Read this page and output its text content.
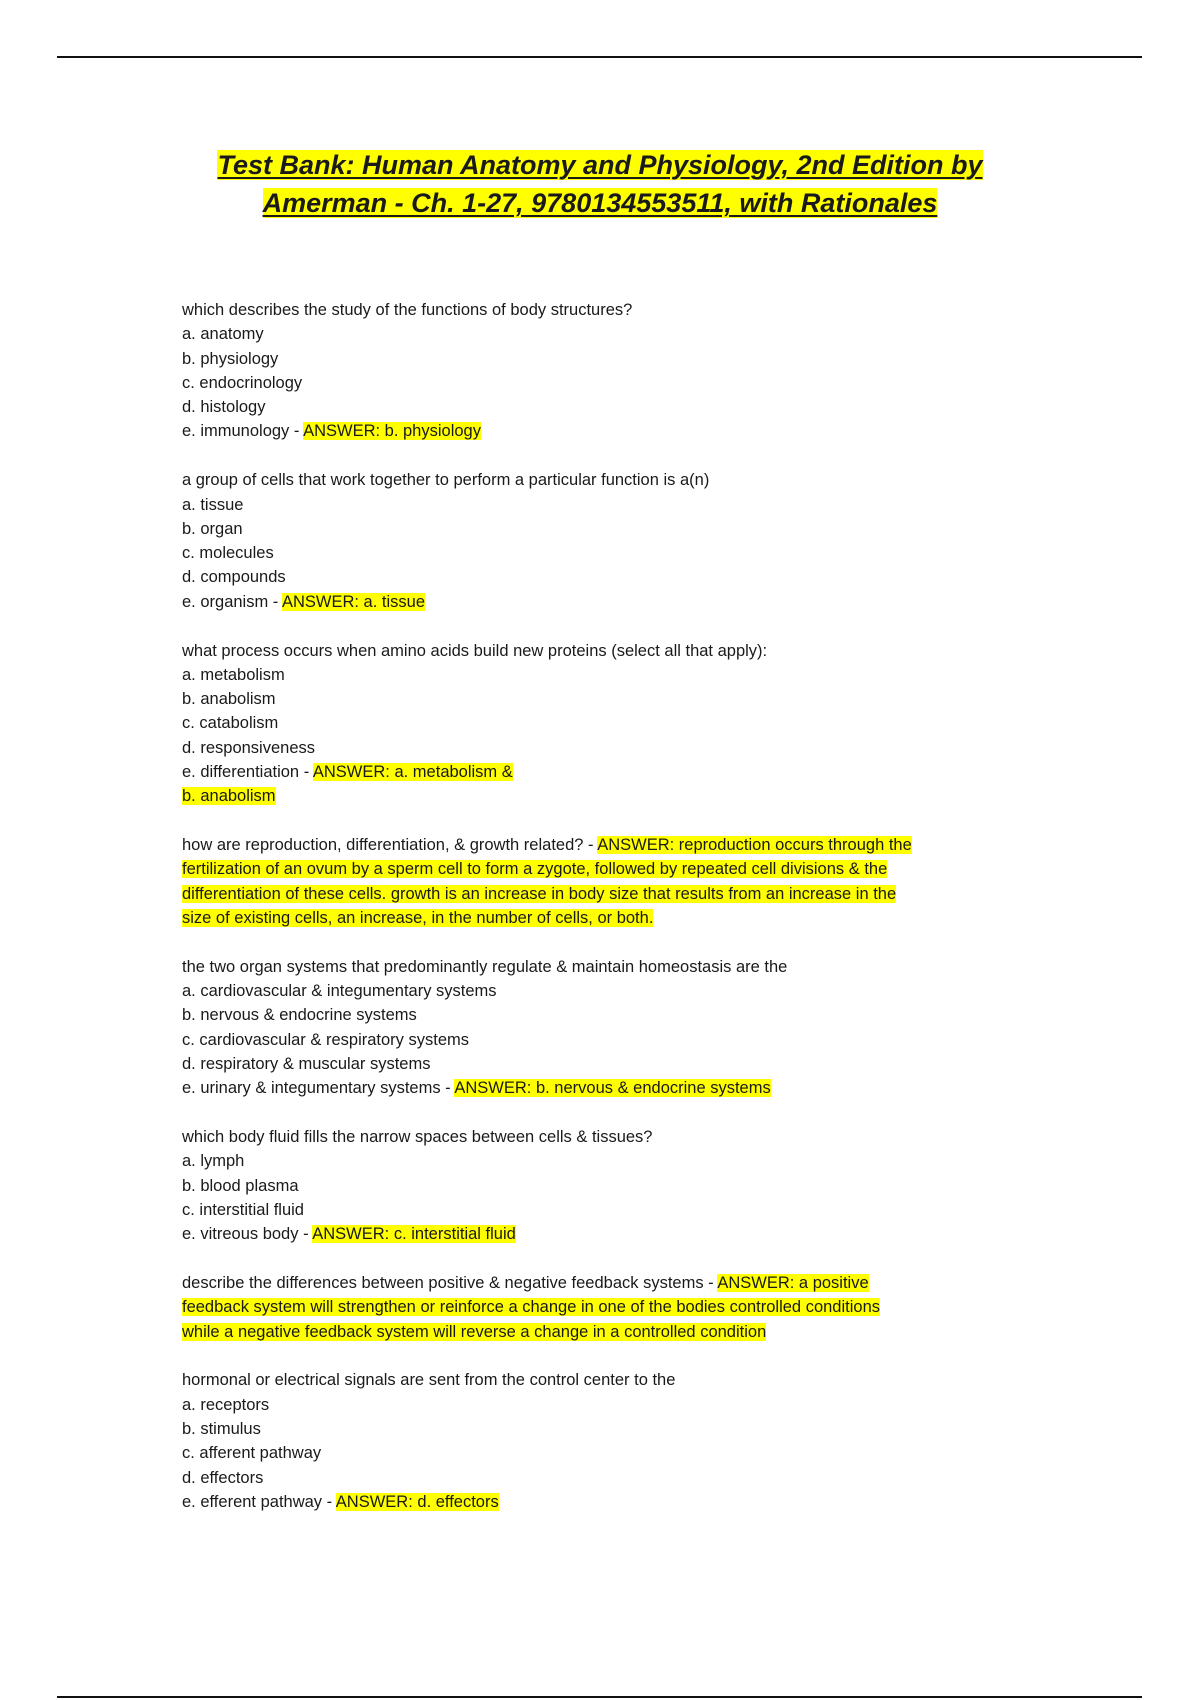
Test Bank: Human Anatomy and Physiology, 2nd Edition by
Amerman - Ch. 1-27, 9780134553511, with Rationales
which describes the study of the functions of body structures?
a. anatomy
b. physiology
c. endocrinology
d. histology
e. immunology - ANSWER: b. physiology
a group of cells that work together to perform a particular function is a(n)
a. tissue
b. organ
c. molecules
d. compounds
e. organism - ANSWER: a. tissue
what process occurs when amino acids build new proteins (select all that apply):
a. metabolism
b. anabolism
c. catabolism
d. responsiveness
e. differentiation - ANSWER: a. metabolism &
b. anabolism
how are reproduction, differentiation, & growth related? - ANSWER: reproduction occurs through the
fertilization of an ovum by a sperm cell to form a zygote, followed by repeated cell divisions & the
differentiation of these cells. growth is an increase in body size that results from an increase in the
size of existing cells, an increase, in the number of cells, or both.
the two organ systems that predominantly regulate & maintain homeostasis are the
a. cardiovascular & integumentary systems
b. nervous & endocrine systems
c. cardiovascular & respiratory systems
d. respiratory & muscular systems
e. urinary & integumentary systems - ANSWER: b. nervous & endocrine systems
which body fluid fills the narrow spaces between cells & tissues?
a. lymph
b. blood plasma
c. interstitial fluid
e. vitreous body - ANSWER: c. interstitial fluid
describe the differences between positive & negative feedback systems - ANSWER: a positive
feedback system will strengthen or reinforce a change in one of the bodies controlled conditions
while a negative feedback system will reverse a change in a controlled condition
hormonal or electrical signals are sent from the control center to the
a. receptors
b. stimulus
c. afferent pathway
d. effectors
e. efferent pathway - ANSWER: d. effectors
